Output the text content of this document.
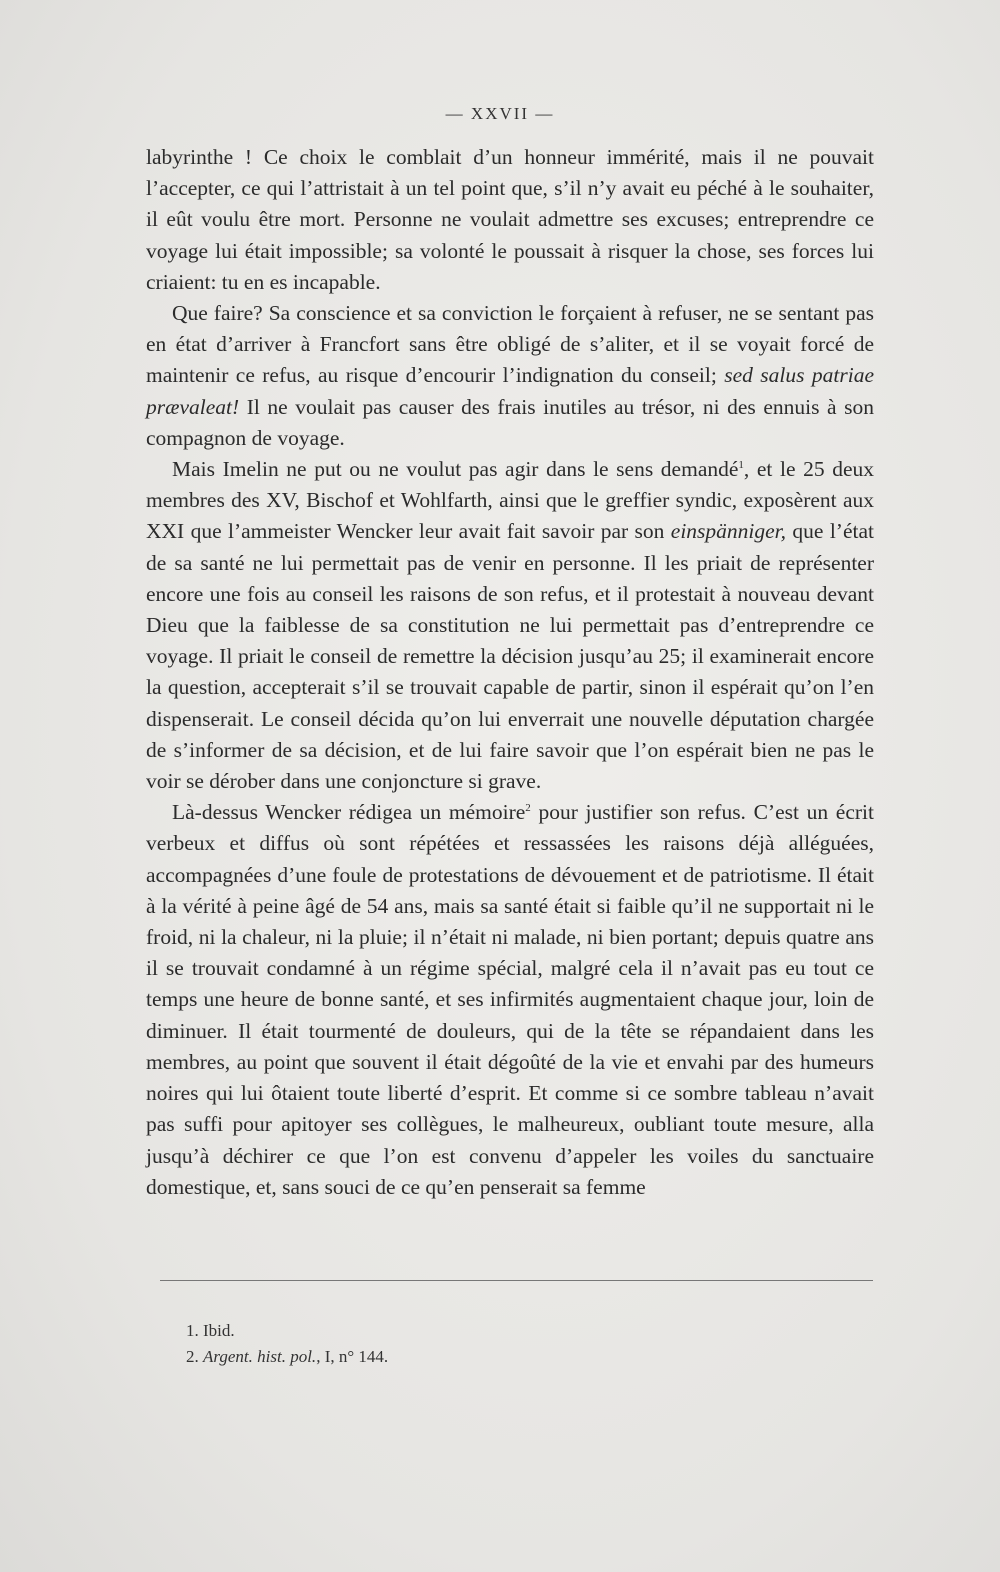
— XXVII —

labyrinthe ! Ce choix le comblait d’un honneur immérité, mais il ne pouvait l’accepter, ce qui l’attristait à un tel point que, s’il n’y avait eu péché à le souhaiter, il eût voulu être mort. Personne ne voulait admettre ses excuses; entreprendre ce voyage lui était impossible; sa volonté le poussait à risquer la chose, ses forces lui criaient: tu en es incapable.

Que faire? Sa conscience et sa conviction le forçaient à refuser, ne se sentant pas en état d’arriver à Francfort sans être obligé de s’aliter, et il se voyait forcé de maintenir ce refus, au risque d’encourir l’indignation du conseil; sed salus patriae prævaleat! Il ne voulait pas causer des frais inutiles au trésor, ni des ennuis à son compagnon de voyage.

Mais Imelin ne put ou ne voulut pas agir dans le sens demandé$^1$, et le 25 deux membres des XV, Bischof et Wohlfarth, ainsi que le greffier syndic, exposèrent aux XXI que l’ammeister Wencker leur avait fait savoir par son einspänniger, que l’état de sa santé ne lui permettait pas de venir en personne. Il les priait de représenter encore une fois au conseil les raisons de son refus, et il protestait à nouveau devant Dieu que la faiblesse de sa constitution ne lui permettait pas d’entreprendre ce voyage. Il priait le conseil de remettre la décision jusqu’au 25; il examinerait encore la question, accepterait s’il se trouvait capable de partir, sinon il espérait qu’on l’en dispenserait. Le conseil décida qu’on lui enverrait une nouvelle députation chargée de s’informer de sa décision, et de lui faire savoir que l’on espérait bien ne pas le voir se dérober dans une conjoncture si grave.

Là-dessus Wencker rédigea un mémoire$^2$ pour justifier son refus. C’est un écrit verbeux et diffus où sont répétées et ressassées les raisons déjà alléguées, accompagnées d’une foule de protestations de dévouement et de patriotisme. Il était à la vérité à peine âgé de 54 ans, mais sa santé était si faible qu’il ne supportait ni le froid, ni la chaleur, ni la pluie; il n’était ni malade, ni bien portant; depuis quatre ans il se trouvait condamné à un régime spécial, malgré cela il n’avait pas eu tout ce temps une heure de bonne santé, et ses infirmités augmentaient chaque jour, loin de diminuer. Il était tourmenté de douleurs, qui de la tête se répandaient dans les membres, au point que souvent il était dégoûté de la vie et envahi par des humeurs noires qui lui ôtaient toute liberté d’esprit. Et comme si ce sombre tableau n’avait pas suffi pour apitoyer ses collègues, le malheureux, oubliant toute mesure, alla jusqu’à déchirer ce que l’on est convenu d’appeler les voiles du sanctuaire domestique, et, sans souci de ce qu’en penserait sa femme

1. Ibid.

2. Argent. hist. pol., I, n° 144.
